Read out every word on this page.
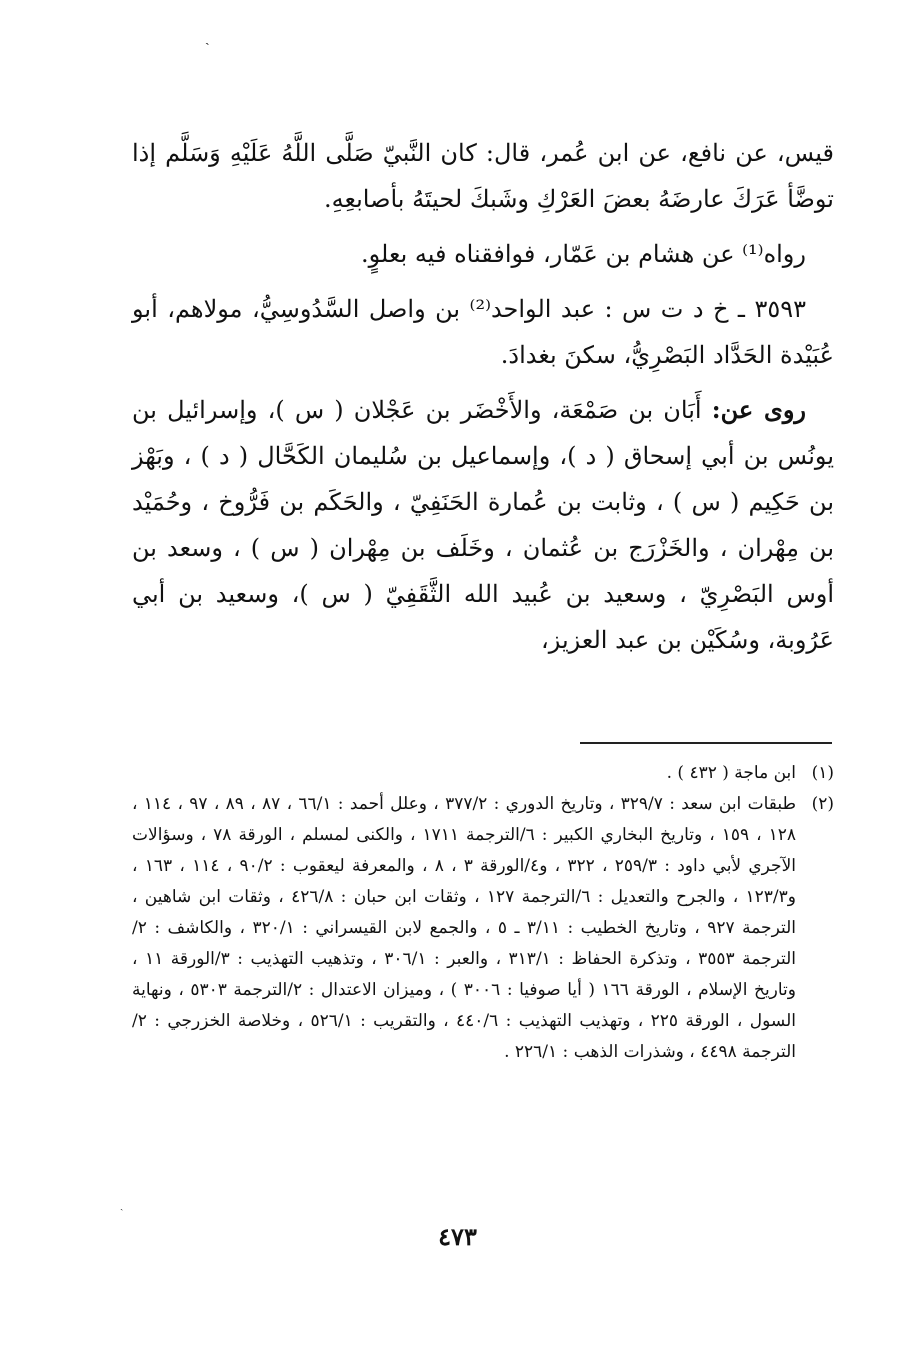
ˏ
ˎ

قيس، عن نافع، عن ابن عُمر، قال: كان النَّبيّ صَلَّى اللَّهُ عَلَيْهِ وَسَلَّم إذا توضَّأ عَرَكَ عارضَهُ بعضَ العَرْكِ وشَبكَ لحيتَهُ بأصابعِهِ.

رواه⁽¹⁾ عن هشام بن عَمّار، فوافقناه فيه بعلوٍ.

٣٥٩٣ ـ خ د ت س : عبد الواحد⁽²⁾ بن واصل السَّدُوسِيُّ، مولاهم، أبو عُبَيْدة الحَدَّاد البَصْرِيُّ، سكنَ بغدادَ.

روى عن: أَبَان بن صَمْعَة، والأَخْضَر بن عَجْلان ( س )، وإسرائيل بن يونُس بن أبي إسحاق ( د )، وإسماعيل بن سُليمان الكَحَّال ( د ) ، وبَهْز بن حَكِيم ( س ) ، وثابت بن عُمارة الحَنَفِيّ ، والحَكَم بن فَرُّوخ ، وحُمَيْد بن مِهْران ، والخَزْرَج بن عُثمان ، وخَلَف بن مِهْران ( س ) ، وسعد بن أوس البَصْرِيّ ، وسعيد بن عُبيد الله الثَّقَفِيّ ( س )، وسعيد بن أبي عَرُوبة، وسُكَيْن بن عبد العزيز،

(١)
ابن ماجة ( ٤٣٢ ) .
(٢)
طبقات ابن سعد : ٣٢٩/٧ ، وتاريخ الدوري : ٣٧٧/٢ ، وعلل أحمد : ٦٦/١ ، ٨٧ ، ٨٩ ، ٩٧ ، ١١٤ ، ١٢٨ ، ١٥٩ ، وتاريخ البخاري الكبير : ٦/الترجمة ١٧١١ ، والكنى لمسلم ، الورقة ٧٨ ، وسؤالات الآجري لأبي داود : ٢٥٩/٣ ، ٣٢٢ ، و٤/الورقة ٣ ، ٨ ، والمعرفة ليعقوب : ٩٠/٢ ، ١١٤ ، ١٦٣ ، و١٢٣/٣ ، والجرح والتعديل : ٦/الترجمة ١٢٧ ، وثقات ابن حبان : ٤٢٦/٨ ، وثقات ابن شاهين ، الترجمة ٩٢٧ ، وتاريخ الخطيب : ٣/١١ ـ ٥ ، والجمع لابن القيسراني : ٣٢٠/١ ، والكاشف : ٢/الترجمة ٣٥٥٣ ، وتذكرة الحفاظ : ٣١٣/١ ، والعبر : ٣٠٦/١ ، وتذهيب التهذيب : ٣/الورقة ١١ ، وتاريخ الإسلام ، الورقة ١٦٦ ( أيا صوفيا : ٣٠٠٦ ) ، وميزان الاعتدال : ٢/الترجمة ٥٣٠٣ ، ونهاية السول ، الورقة ٢٢٥ ، وتهذيب التهذيب : ٤٤٠/٦ ، والتقريب : ٥٢٦/١ ، وخلاصة الخزرجي : ٢/الترجمة ٤٤٩٨ ، وشذرات الذهب : ٢٢٦/١ .
٤٧٣
